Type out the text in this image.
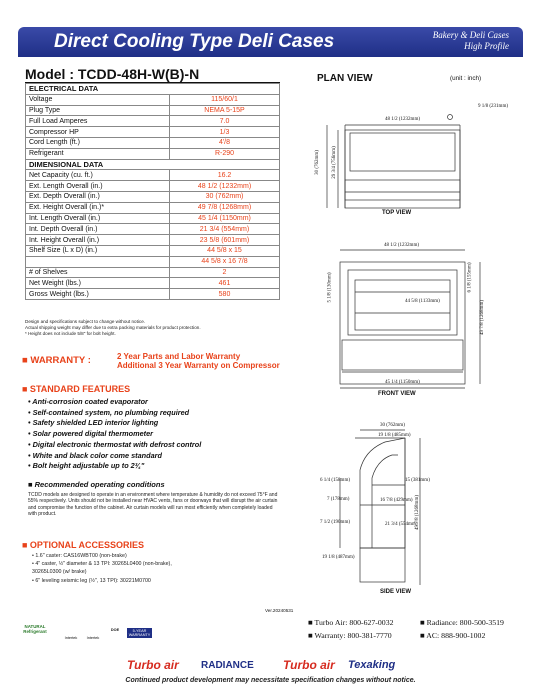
Direct Cooling Type Deli Cases	Bakery & Deli Cases
High Profile
Model : TCDD-48H-W(B)-N
ELECTRICAL DATA	
Voltage	115/60/1
Plug Type	NEMA 5-15P
Full Load Amperes	7.0
Compressor HP	1/3
Cord Length (ft.)	4'/8
Refrigerant	R-290
DIMENSIONAL DATA	
Net Capacity (cu. ft.)	16.2
Ext. Length Overall (in.)	48 1/2 (1232mm)
Ext. Depth Overall (in.)	30 (762mm)
Ext. Height Overall (in.)*	49 7/8 (1268mm)
Int. Length Overall (in.)	45 1/4 (1150mm)
Int. Depth Overall (in.)	21 3/4 (554mm)
Int. Height Overall (in.)	23 5/8 (601mm)
Shelf Size (L x D) (in.)	44 5/8 x 15
	44 5/8 x 16 7/8
# of Shelves	2
Net Weight (lbs.)	461
Gross Weight (lbs.)	580
Design and specifications subject to change without notice.
Actual shipping weight may differ due to extra packing materials for product protection.
* Height does not include 5/8" for bolt height.
■ WARRANTY :	2 Year Parts and Labor Warranty
Additional 3 Year Warranty on Compressor
■ STANDARD FEATURES
• Anti-corrosion coated evaporator
• Self-contained system, no plumbing required
• Safety shielded LED interior lighting
• Solar powered digital thermometer
• Digital electronic thermostat with defrost control
• White and black color come standard
• Bolt height adjustable up to 2¾"
■ Recommended operating conditions
TCDD models are designed to operate in an environment where temperature & humidity do not exceed 75°F and 55% respectively. Units should not be installed near HVAC vents, fans or doorways that will disrupt the air curtain and compromise the function of the cabinet. Air curtain models will run most efficiently when completely loaded with product.
■ OPTIONAL ACCESSORIES
• 1.6" caster: CAS16WBT00 (non-brake)
• 4" caster, ½" diameter & 13 TPI: 30265L0400 (non-brake),
30265L0300 (w/ brake)
• 6" leveling seismic leg (½", 13 TPI): 30221M0700
PLAN VIEW	(unit : inch)
TOP VIEW
FRONT VIEW
SIDE VIEW
48 1/2 (1232mm)
9 1/8 (231mm)
30 (762mm) 29 3/4 (756mm)
48 1/2 (1232mm)
5 1/8 (130mm)	44 5/8 (1133mm)
6 1/8 (155mm)
49 7/8 (1268mm)
45 1/4 (1150mm)
30 (762mm)
19 1/8 (485mm)
6 1/4 (158mm)
7 (178mm)	16 7/8 (429mm)
15 (381mm)
7 1/2 (190mm)	21 3/4 (554mm)
19 1/8 (487mm)
49 7/8 (1268mm)
Ver.20240531
NATURAL Refrigerant
Intertek	Intertek
DOE	5-YEAR WARRANTY
■ Turbo Air: 800-627-0032	■ Radiance: 800-500-3519
■ Warranty: 800-381-7770	■ AC: 888-900-1002
Turbo air RADIANCE Turbo air Texaking
Continued product development may necessitate specification changes without notice.
